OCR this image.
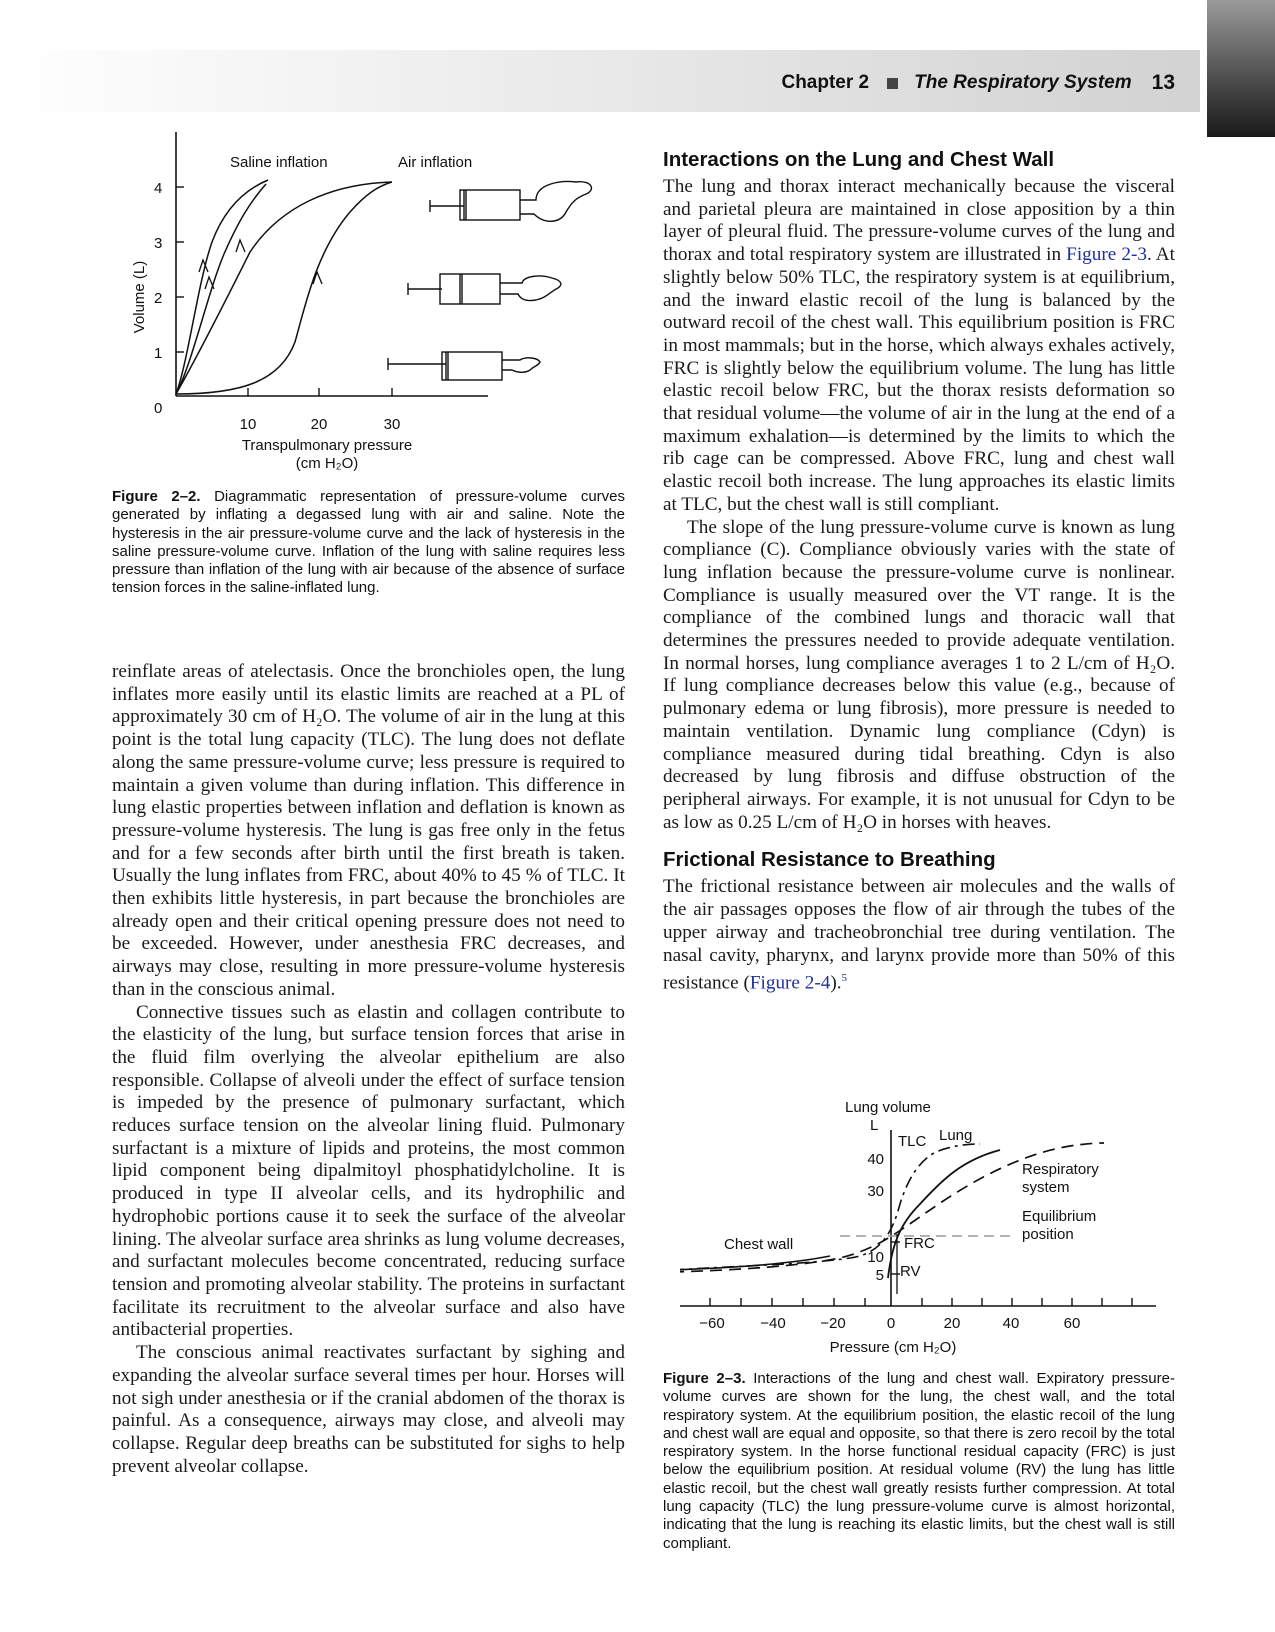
Chapter 2 The Respiratory System 13
4
3
2
1
0
10	20	30
Volume (L)
Transpulmonary pressure
(cm H₂O)
Saline inflation	Air inflation
Figure 2–2. Diagrammatic representation of pressure-volume curves generated by inflating a degassed lung with air and saline. Note the hysteresis in the air pressure-volume curve and the lack of hysteresis in the saline pressure-volume curve. Inflation of the lung with saline requires less pressure than inflation of the lung with air because of the absence of surface tension forces in the saline-inflated lung.

reinflate areas of atelectasis. Once the bronchioles open, the lung inflates more easily until its elastic limits are reached at a PL of approximately 30 cm of H₂O. The volume of air in the lung at this point is the total lung capacity (TLC). The lung does not deflate along the same pressure-volume curve; less pressure is required to maintain a given volume than during inflation. This difference in lung elastic properties between inflation and deflation is known as pressure-volume hysteresis. The lung is gas free only in the fetus and for a few seconds after birth until the first breath is taken. Usually the lung inflates from FRC, about 40% to 45 % of TLC. It then exhibits little hysteresis, in part because the bronchioles are already open and their critical opening pressure does not need to be exceeded. However, under anesthesia FRC decreases, and airways may close, resulting in more pressure-volume hysteresis than in the conscious animal.

Connective tissues such as elastin and collagen contribute to the elasticity of the lung, but surface tension forces that arise in the fluid film overlying the alveolar epithelium are also responsible. Collapse of alveoli under the effect of surface tension is impeded by the presence of pulmonary surfactant, which reduces surface tension on the alveolar lining fluid. Pulmonary surfactant is a mixture of lipids and proteins, the most common lipid component being dipalmitoyl phosphatidylcholine. It is produced in type II alveolar cells, and its hydrophilic and hydrophobic portions cause it to seek the surface of the alveolar lining. The alveolar surface area shrinks as lung volume decreases, and surfactant molecules become concentrated, reducing surface tension and promoting alveolar stability. The proteins in surfactant facilitate its recruitment to the alveolar surface and also have antibacterial properties.

The conscious animal reactivates surfactant by sighing and expanding the alveolar surface several times per hour. Horses will not sigh under anesthesia or if the cranial abdomen of the thorax is painful. As a consequence, airways may close, and alveoli may collapse. Regular deep breaths can be substituted for sighs to help prevent alveolar collapse.

Interactions on the Lung and Chest Wall

The lung and thorax interact mechanically because the visceral and parietal pleura are maintained in close apposition by a thin layer of pleural fluid. The pressure-volume curves of the lung and thorax and total respiratory system are illustrated in Figure 2-3. At slightly below 50% TLC, the respiratory system is at equilibrium, and the inward elastic recoil of the lung is balanced by the outward recoil of the chest wall. This equilibrium position is FRC in most mammals; but in the horse, which always exhales actively, FRC is slightly below the equilibrium volume. The lung has little elastic recoil below FRC, but the thorax resists deformation so that residual volume—the volume of air in the lung at the end of a maximum exhalation—is determined by the limits to which the rib cage can be compressed. Above FRC, lung and chest wall elastic recoil both increase. The lung approaches its elastic limits at TLC, but the chest wall is still compliant.

The slope of the lung pressure-volume curve is known as lung compliance (C). Compliance obviously varies with the state of lung inflation because the pressure-volume curve is nonlinear. Compliance is usually measured over the VT range. It is the compliance of the combined lungs and thoracic wall that determines the pressures needed to provide adequate ventilation. In normal horses, lung compliance averages 1 to 2 L/cm of H₂O. If lung compliance decreases below this value (e.g., because of pulmonary edema or lung fibrosis), more pressure is needed to maintain ventilation. Dynamic lung compliance (Cdyn) is compliance measured during tidal breathing. Cdyn is also decreased by lung fibrosis and diffuse obstruction of the peripheral airways. For example, it is not unusual for Cdyn to be as low as 0.25 L/cm of H₂O in horses with heaves.

Frictional Resistance to Breathing

The frictional resistance between air molecules and the walls of the air passages opposes the flow of air through the tubes of the upper airway and tracheobronchial tree during ventilation. The nasal cavity, pharynx, and larynx provide more than 50% of this resistance (Figure 2-4).$^5$

−60 −40 −20	0	20	40	60
Pressure (cm H₂O)
Lung volume
L
40
30
10
5
TLC Lung
Respiratory
system
Equilibrium
position
Chest wall	FRC
RV
Figure 2–3. Interactions of the lung and chest wall. Expiratory pressure-volume curves are shown for the lung, the chest wall, and the total respiratory system. At the equilibrium position, the elastic recoil of the lung and chest wall are equal and opposite, so that there is zero recoil by the total respiratory system. In the horse functional residual capacity (FRC) is just below the equilibrium position. At residual volume (RV) the lung has little elastic recoil, but the chest wall greatly resists further compression. At total lung capacity (TLC) the lung pressure-volume curve is almost horizontal, indicating that the lung is reaching its elastic limits, but the chest wall is still compliant.
